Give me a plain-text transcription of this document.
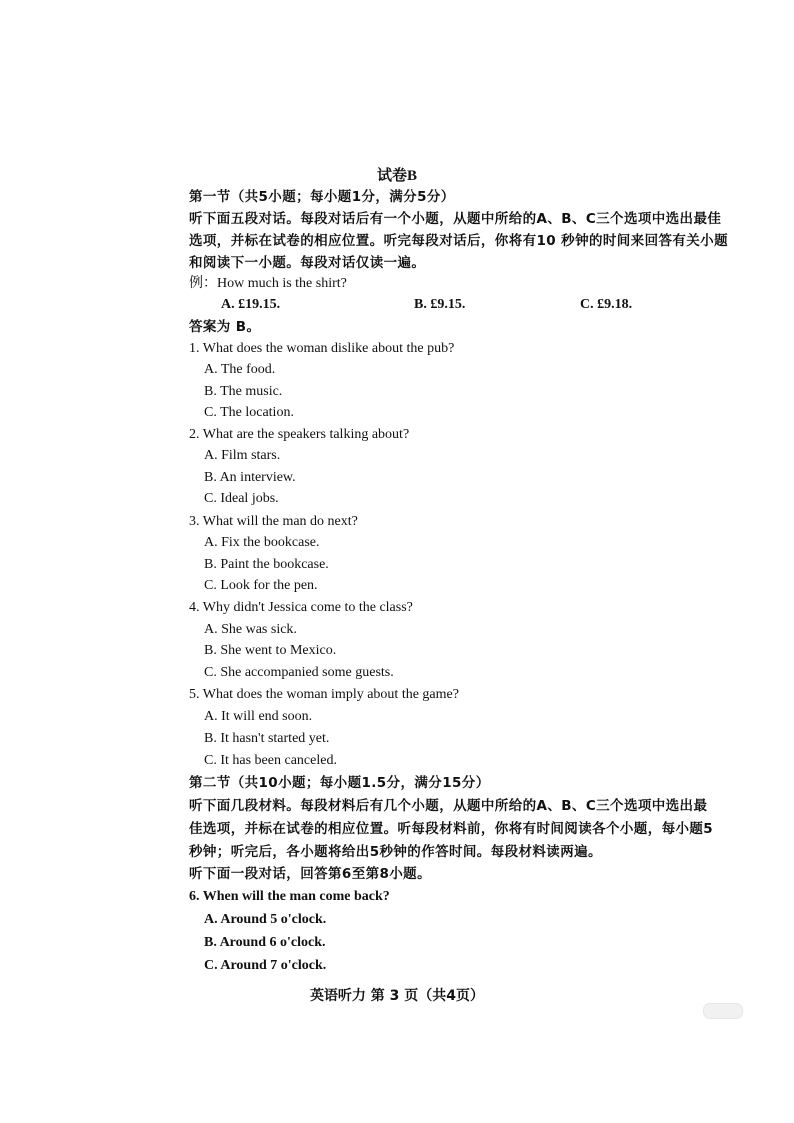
试卷B
第一节（共5小题；每小题1分，满分5分）
听下面五段对话。每段对话后有一个小题，从题中所给的A、B、C三个选项中选出最佳
选项，并标在试卷的相应位置。听完每段对话后，你将有10 秒钟的时间来回答有关小题
和阅读下一小题。每段对话仅读一遍。
例：How much is the shirt?
A. £19.15.	B. £9.15.	C. £9.18.
答案为 B。
1. What does the woman dislike about the pub?
A. The food.
B. The music.
C. The location.
2. What are the speakers talking about?
A. Film stars.
B. An interview.
C. Ideal jobs.
3. What will the man do next?
A. Fix the bookcase.
B. Paint the bookcase.
C. Look for the pen.
4. Why didn't Jessica come to the class?
A. She was sick.
B. She went to Mexico.
C. She accompanied some guests.
5. What does the woman imply about the game?
A. It will end soon.
B. It hasn't started yet.
C. It has been canceled.
第二节（共10小题；每小题1.5分，满分15分）
听下面几段材料。每段材料后有几个小题，从题中所给的A、B、C三个选项中选出最
佳选项，并标在试卷的相应位置。听每段材料前，你将有时间阅读各个小题，每小题5
秒钟；听完后，各小题将给出5秒钟的作答时间。每段材料读两遍。
听下面一段对话，回答第6至第8小题。
6. When will the man come back?
A. Around 5 o'clock.
B. Around 6 o'clock.
C. Around 7 o'clock.
英语听力 第 3 页（共4页）
